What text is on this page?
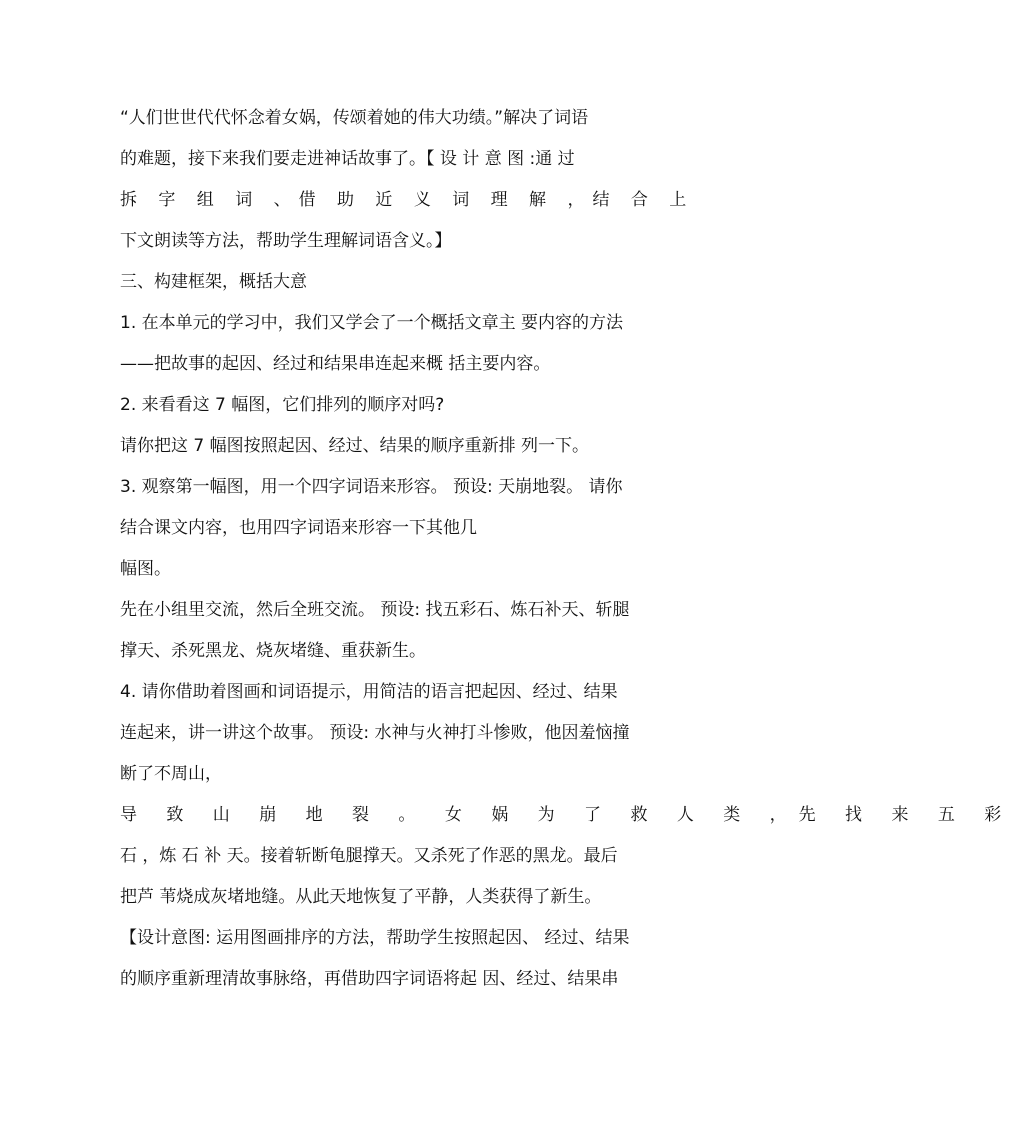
“人们世世代代怀念着女娲，传颂着她的伟大功绩。”解决了词语
的难题，接下来我们要走进神话故事了。【 设 计 意 图 :通 过
拆 字 组 词 、借 助 近 义 词 理 解 ，结 合 上
下文朗读等方法，帮助学生理解词语含义。】
三、构建框架，概括大意
1. 在本单元的学习中，我们又学会了一个概括文章主 要内容的方法
——把故事的起因、经过和结果串连起来概 括主要内容。
2. 来看看这 7 幅图，它们排列的顺序对吗?
请你把这 7 幅图按照起因、经过、结果的顺序重新排 列一下。
3. 观察第一幅图，用一个四字词语来形容。 预设: 天崩地裂。 请你
结合课文内容，也用四字词语来形容一下其他几
幅图。
先在小组里交流，然后全班交流。 预设: 找五彩石、炼石补天、斩腿
撑天、杀死黑龙、烧灰堵缝、重获新生。
4. 请你借助着图画和词语提示，用简洁的语言把起因、经过、结果
连起来，讲一讲这个故事。 预设: 水神与火神打斗惨败，他因羞恼撞
断了不周山，
导 致 山 崩 地 裂 。 女 娲 为 了 救 人 类 ，先 找 来 五 彩
石 ，炼 石 补 天。接着斩断龟腿撑天。又杀死了作恶的黑龙。最后
把芦 苇烧成灰堵地缝。从此天地恢复了平静，人类获得了新生。
【设计意图: 运用图画排序的方法，帮助学生按照起因、 经过、结果
的顺序重新理清故事脉络，再借助四字词语将起 因、经过、结果串
